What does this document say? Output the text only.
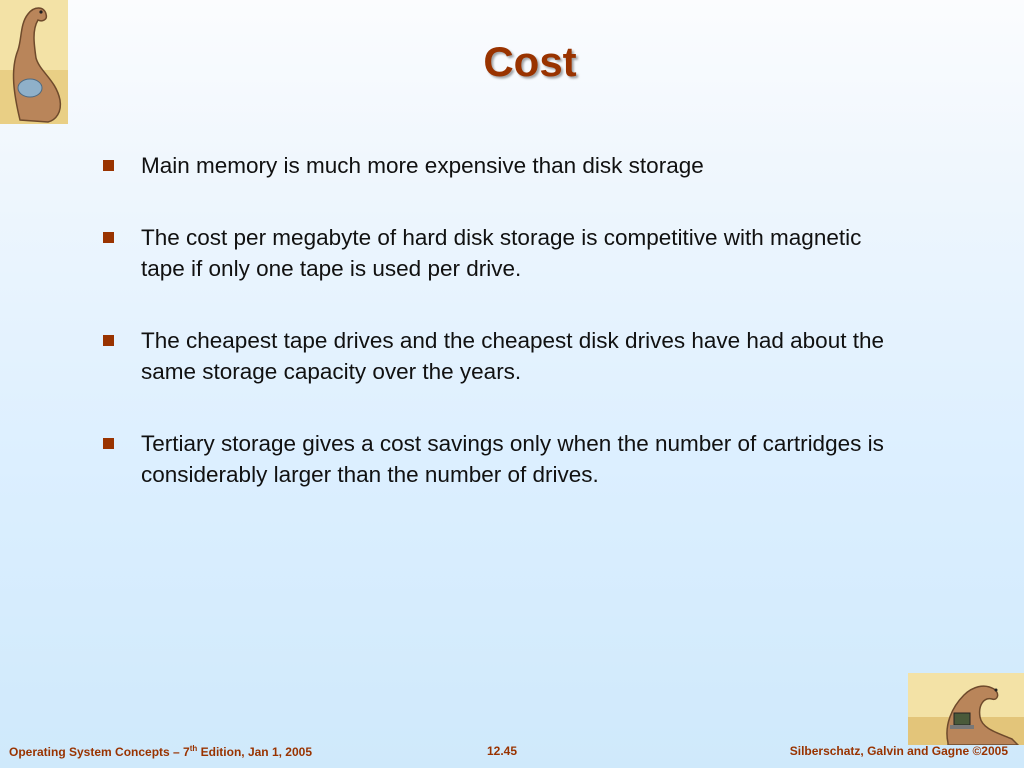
Cost
Main memory is much more expensive than disk storage
The cost per megabyte of hard disk storage is competitive with magnetic tape if only one tape is used per drive.
The cheapest tape drives and the cheapest disk drives have had about the same storage capacity over the years.
Tertiary storage gives a cost savings only when the number of cartridges is considerably larger than the number of drives.
Operating System Concepts – 7th Edition, Jan 1, 2005	12.45	Silberschatz, Galvin and Gagne ©2005
